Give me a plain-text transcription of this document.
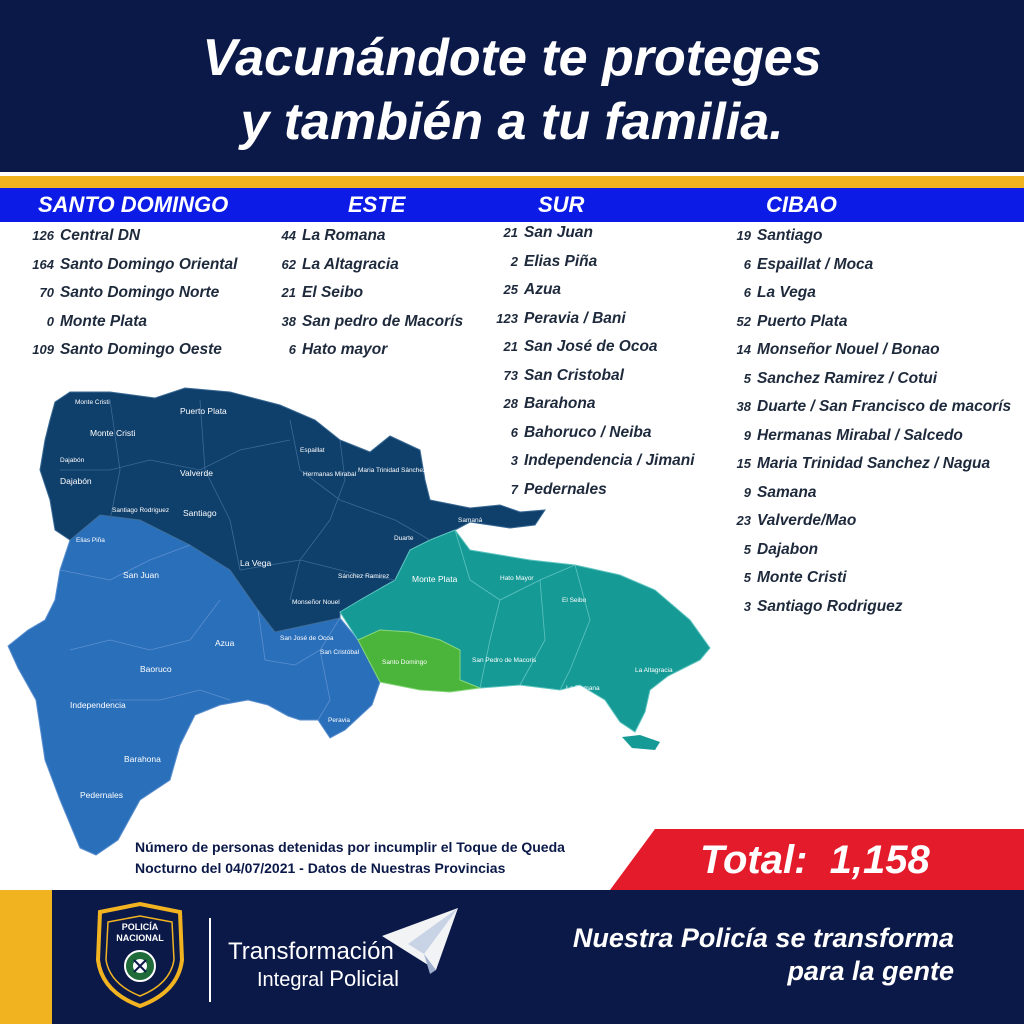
Vacunándote te proteges
y también a tu familia.
SANTO DOMINGO	ESTE	SUR	CIBAO
126 Central DN
164 Santo Domingo Oriental
70 Santo Domingo Norte
0 Monte Plata
109 Santo Domingo Oeste
44 La Romana
62 La Altagracia
21 El Seibo
38 San pedro de Macorís
6 Hato mayor
21 San Juan
2 Elias Piña
25 Azua
123 Peravia / Bani
21 San José de Ocoa
73 San Cristobal
28 Barahona
6 Bahoruco / Neiba
3 Independencia / Jimani
7 Pedernales
19 Santiago
6 Espaillat / Moca
6 La Vega
52 Puerto Plata
14 Monseñor Nouel / Bonao
5 Sanchez Ramirez / Cotui
38 Duarte / San Francisco de macorís
9 Hermanas Mirabal / Salcedo
15 Maria Trinidad Sanchez / Nagua
9 Samana
23 Valverde/Mao
5 Dajabon
5 Monte Cristi
3 Santiago Rodriguez
Monte Cristi
Puerto Plata
Monte Cristi
Dajabón
Dajabón
Valverde
Santiago
Santiago Rodriguez
Espaillat
Hermanas Mirabal
Maria Trinidad Sánchez
Samaná
Duarte
La Vega
Sánchez Ramirez
Monseñor Nouel
Elias Piña
San Juan
Azua
Baoruco
Independencia
Barahona
Pedernales
San José de Ocoa
San Cristóbal
Peravia
Monte Plata
Santo Domingo
Hato Mayor
El Seibo
La Altagracia
San Pedro de Macoris
La Romana
Número de personas detenidas por incumplir el Toque de Queda
Nocturno del 04/07/2021 - Datos de Nuestras Provincias	Total: 1,158
POLICÍA
NACIONAL	Transformación
Integral Policial
Nuestra Policía se transforma
para la gente
